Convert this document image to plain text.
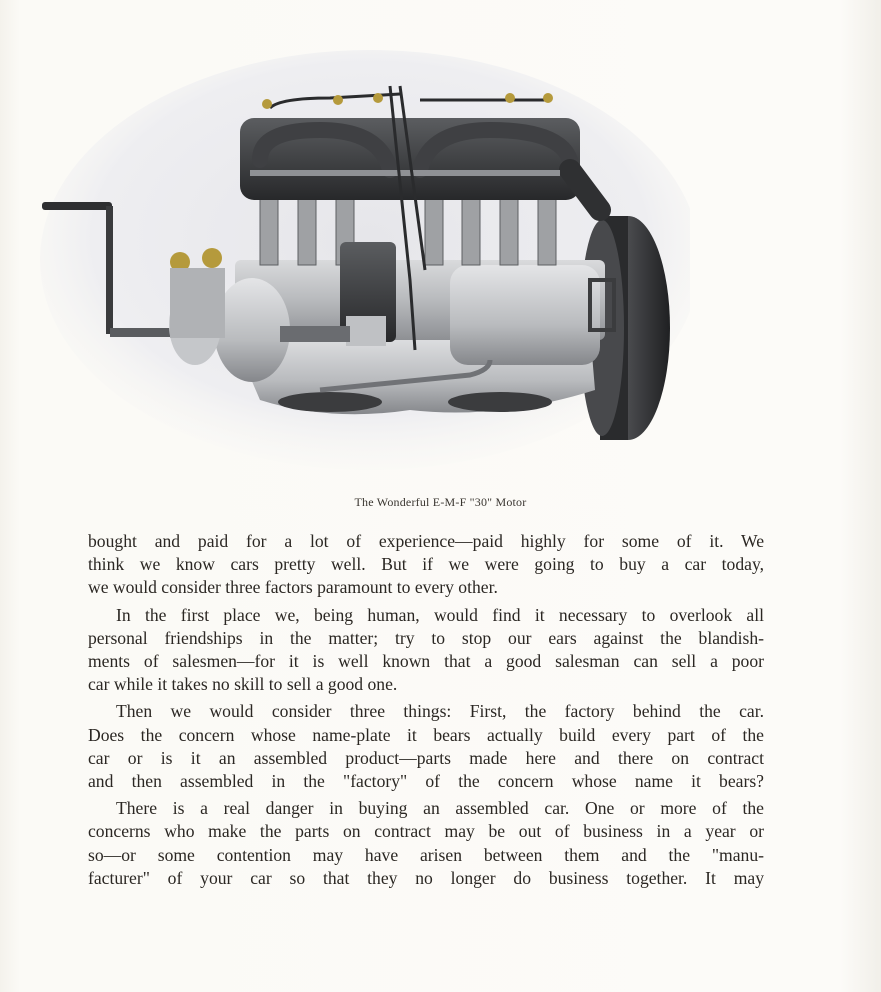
The Wonderful E-M-F "30" Motor
bought and paid for a lot of experience—paid highly for some of it. We
think we know cars pretty well. But if we were going to buy a car today,
we would consider three factors paramount to every other.
In the first place we, being human, would find it necessary to overlook all
personal friendships in the matter; try to stop our ears against the blandish-
ments of salesmen—for it is well known that a good salesman can sell a poor
car while it takes no skill to sell a good one.
Then we would consider three things: First, the factory behind the car.
Does the concern whose name-plate it bears actually build every part of the
car or is it an assembled product—parts made here and there on contract
and then assembled in the "factory" of the concern whose name it bears?
There is a real danger in buying an assembled car. One or more of the
concerns who make the parts on contract may be out of business in a year or
so—or some contention may have arisen between them and the "manu-
facturer" of your car so that they no longer do business together. It may
